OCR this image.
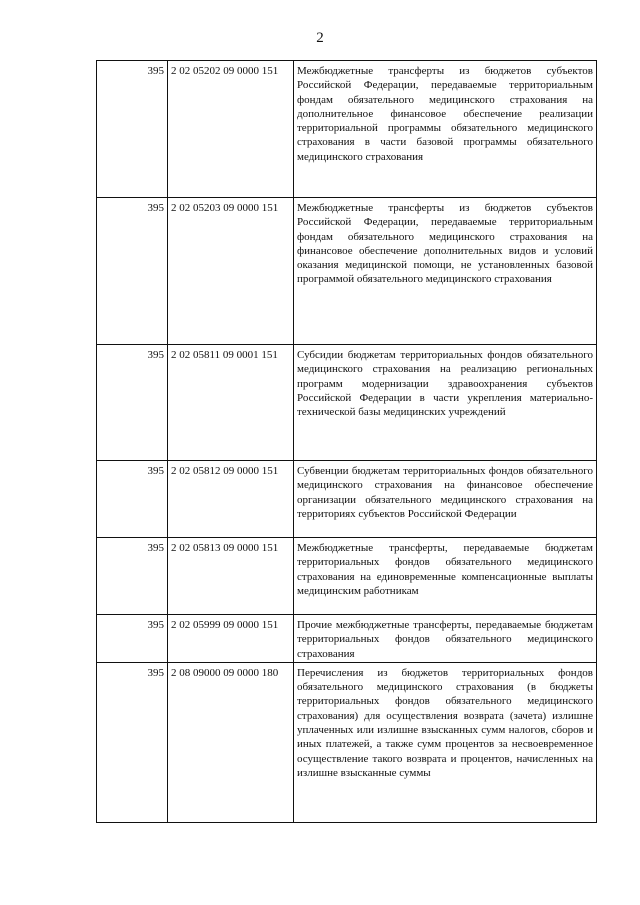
2
395	2 02 05202 09 0000 151	Межбюджетные трансферты из бюджетов субъектов Российской Федерации, передаваемые территориальным фондам обязательного медицинского страхования на дополнительное финансовое обеспечение реализации территориальной программы обязательного медицинского страхования в части базовой программы обязательного медицинского страхования
395	2 02 05203 09 0000 151	Межбюджетные трансферты из бюджетов субъектов Российской Федерации, передаваемые территориальным фондам обязательного медицинского страхования на финансовое обеспечение дополнительных видов и условий оказания медицинской помощи, не установленных базовой программой обязательного медицинского страхования
395	2 02 05811 09 0001 151	Субсидии бюджетам территориальных фондов обязательного медицинского страхования на реализацию региональных программ модернизации здравоохранения субъектов Российской Федерации в части укрепления материально-технической базы медицинских учреждений
395	2 02 05812 09 0000 151	Субвенции бюджетам территориальных фондов обязательного медицинского страхования на финансовое обеспечение организации обязательного медицинского страхования на территориях субъектов Российской Федерации
395	2 02 05813 09 0000 151	Межбюджетные трансферты, передаваемые бюджетам территориальных фондов обязательного медицинского страхования на единовременные компенсационные выплаты медицинским работникам
395	2 02 05999 09 0000 151	Прочие межбюджетные трансферты, передаваемые бюджетам территориальных фондов обязательного медицинского страхования
395	2 08 09000 09 0000 180	Перечисления из бюджетов территориальных фондов обязательного медицинского страхования (в бюджеты территориальных фондов обязательного медицинского страхования) для осуществления возврата (зачета) излишне уплаченных или излишне взысканных сумм налогов, сборов и иных платежей, а также сумм процентов за несвоевременное осуществление такого возврата и процентов, начисленных на излишне взысканные суммы
